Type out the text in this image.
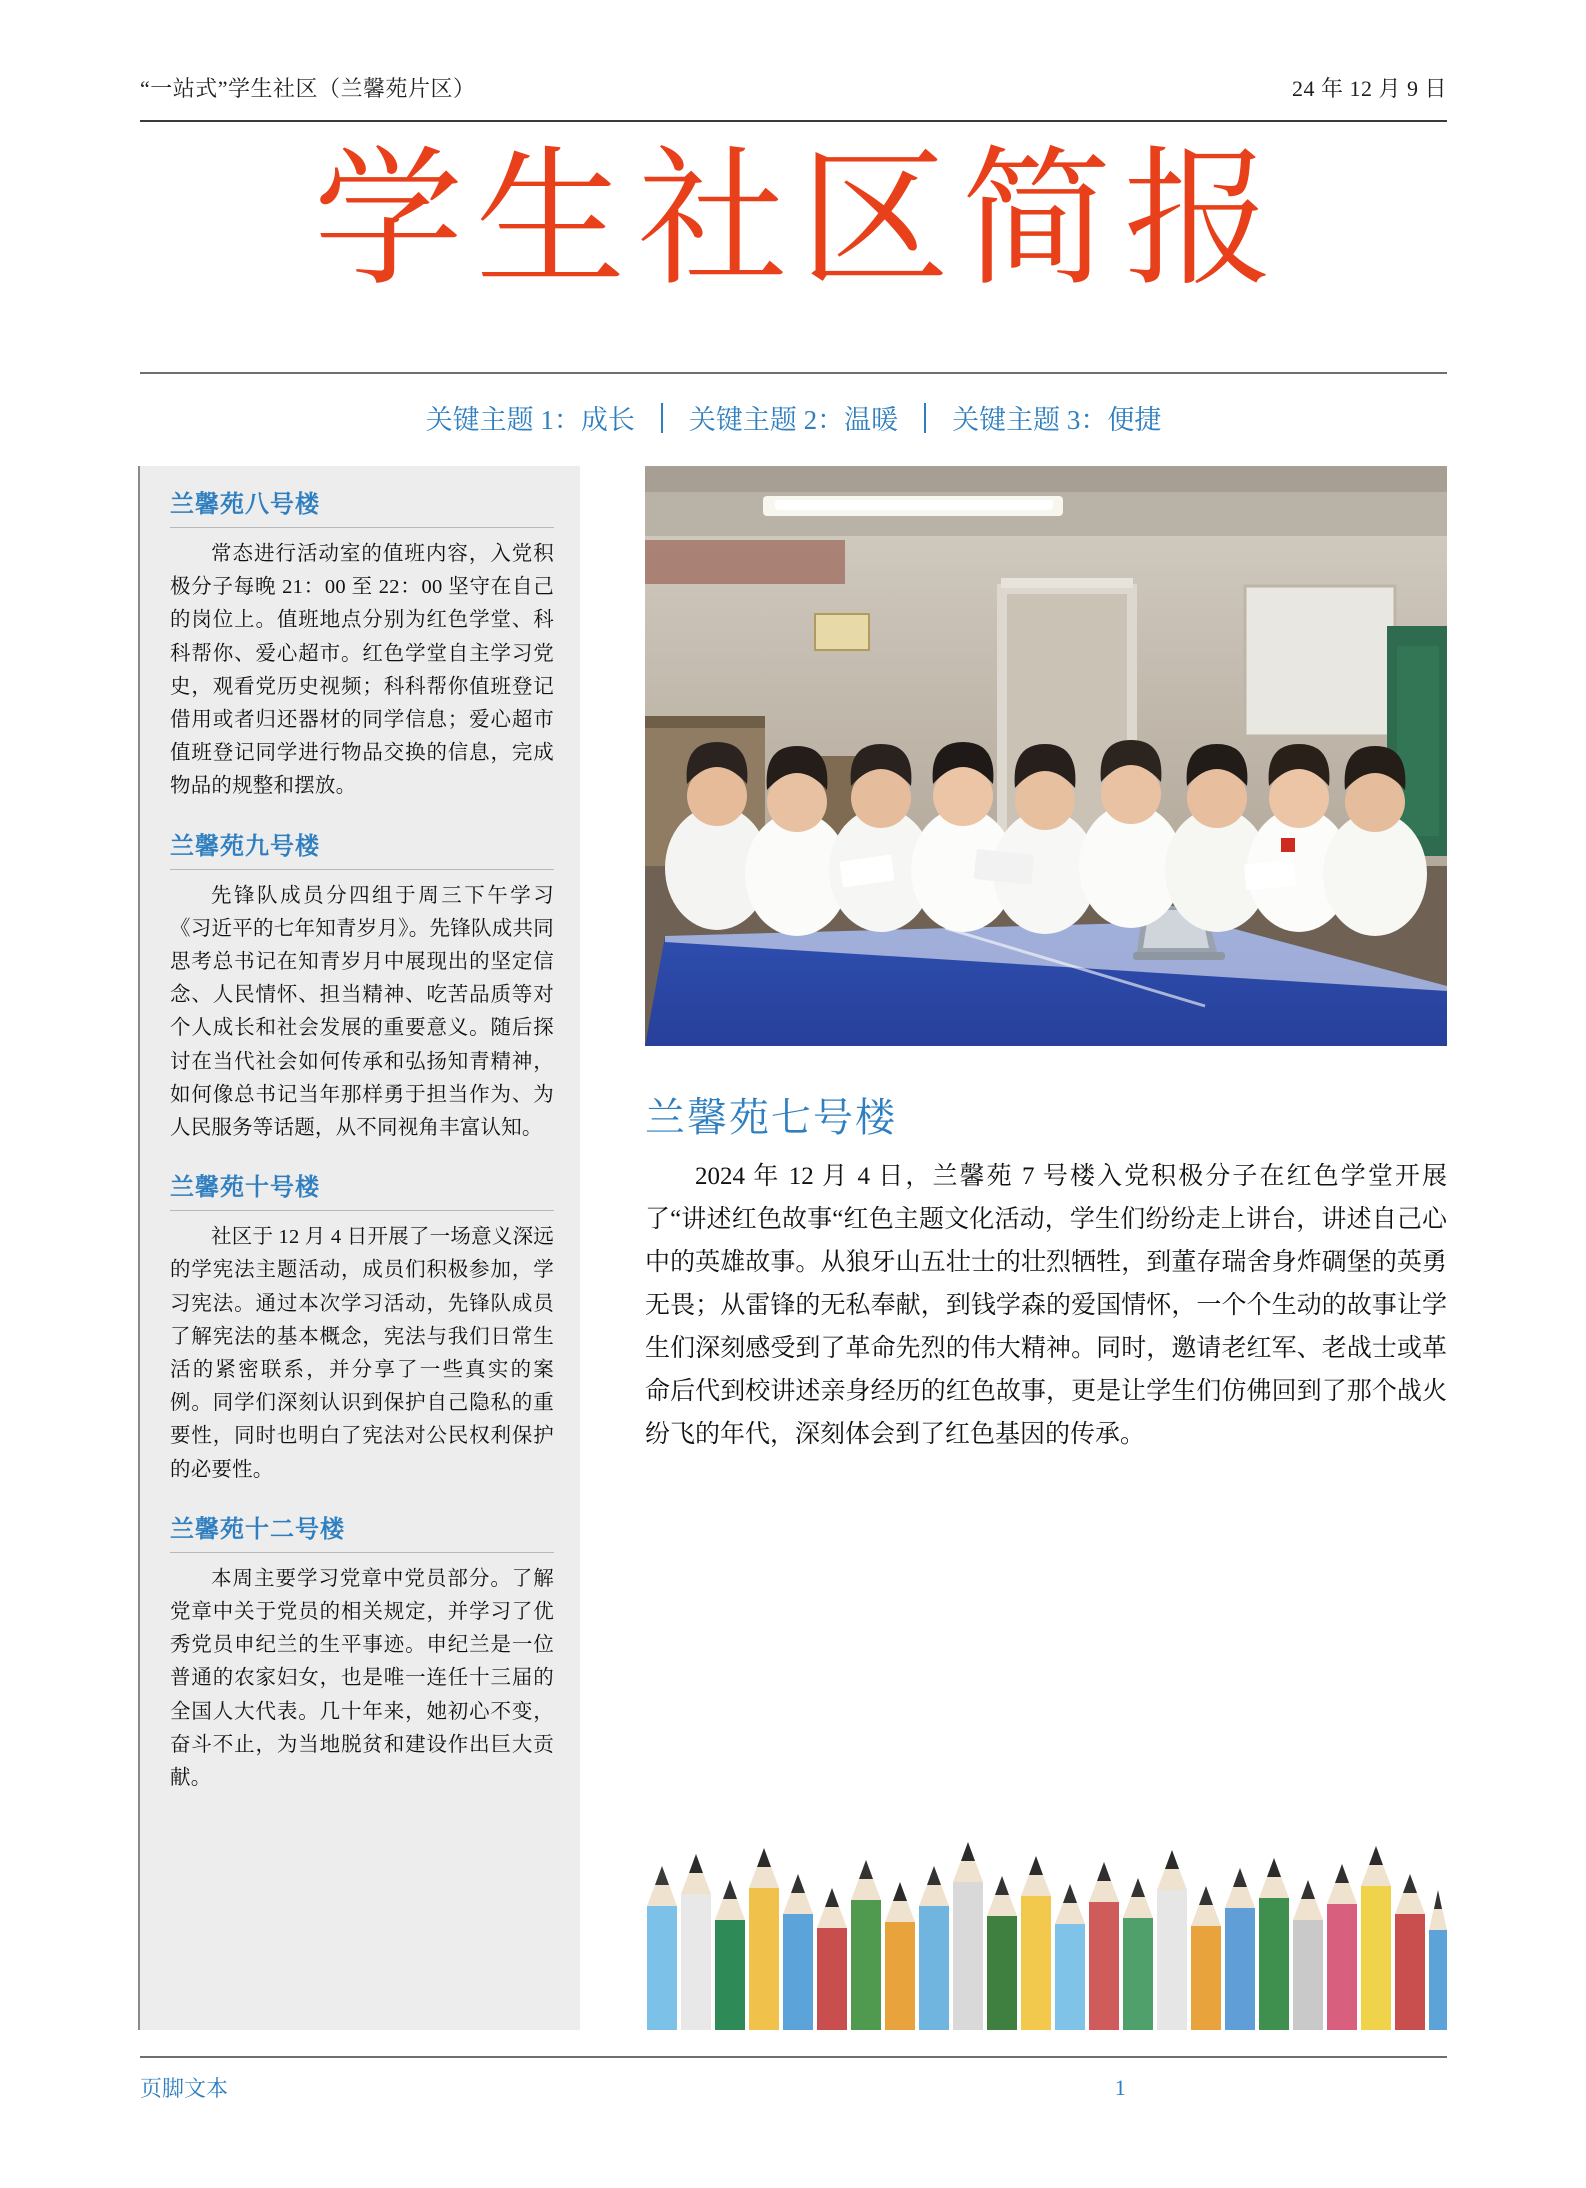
“一站式”学生社区（兰馨苑片区）	24 年 12 月 9 日
学生社区简报
关键主题 1：成长	关键主题 2：温暖	关键主题 3：便捷
兰馨苑八号楼

常态进行活动室的值班内容，入党积极分子每晚 21：00 至 22：00 坚守在自己的岗位上。值班地点分别为红色学堂、科科帮你、爱心超市。红色学堂自主学习党史，观看党历史视频；科科帮你值班登记借用或者归还器材的同学信息；爱心超市值班登记同学进行物品交换的信息，完成物品的规整和摆放。

兰馨苑九号楼

先锋队成员分四组于周三下午学习《习近平的七年知青岁月》。先锋队成共同思考总书记在知青岁月中展现出的坚定信念、人民情怀、担当精神、吃苦品质等对个人成长和社会发展的重要意义。随后探讨在当代社会如何传承和弘扬知青精神，如何像总书记当年那样勇于担当作为、为人民服务等话题，从不同视角丰富认知。

兰馨苑十号楼

社区于 12 月 4 日开展了一场意义深远的学宪法主题活动，成员们积极参加，学习宪法。通过本次学习活动，先锋队成员了解宪法的基本概念，宪法与我们日常生活的紧密联系，并分享了一些真实的案例。同学们深刻认识到保护自己隐私的重要性，同时也明白了宪法对公民权利保护的必要性。

兰馨苑十二号楼

本周主要学习党章中党员部分。了解党章中关于党员的相关规定，并学习了优秀党员申纪兰的生平事迹。申纪兰是一位普通的农家妇女，也是唯一连任十三届的全国人大代表。几十年来，她初心不变，奋斗不止，为当地脱贫和建设作出巨大贡献。

兰馨苑七号楼

2024 年 12 月 4 日，兰馨苑 7 号楼入党积极分子在红色学堂开展了“讲述红色故事“红色主题文化活动，学生们纷纷走上讲台，讲述自己心中的英雄故事。从狼牙山五壮士的壮烈牺牲，到董存瑞舍身炸碉堡的英勇无畏；从雷锋的无私奉献，到钱学森的爱国情怀，一个个生动的故事让学生们深刻感受到了革命先烈的伟大精神。同时，邀请老红军、老战士或革命后代到校讲述亲身经历的红色故事，更是让学生们仿佛回到了那个战火纷飞的年代，深刻体会到了红色基因的传承。

页脚文本	1
